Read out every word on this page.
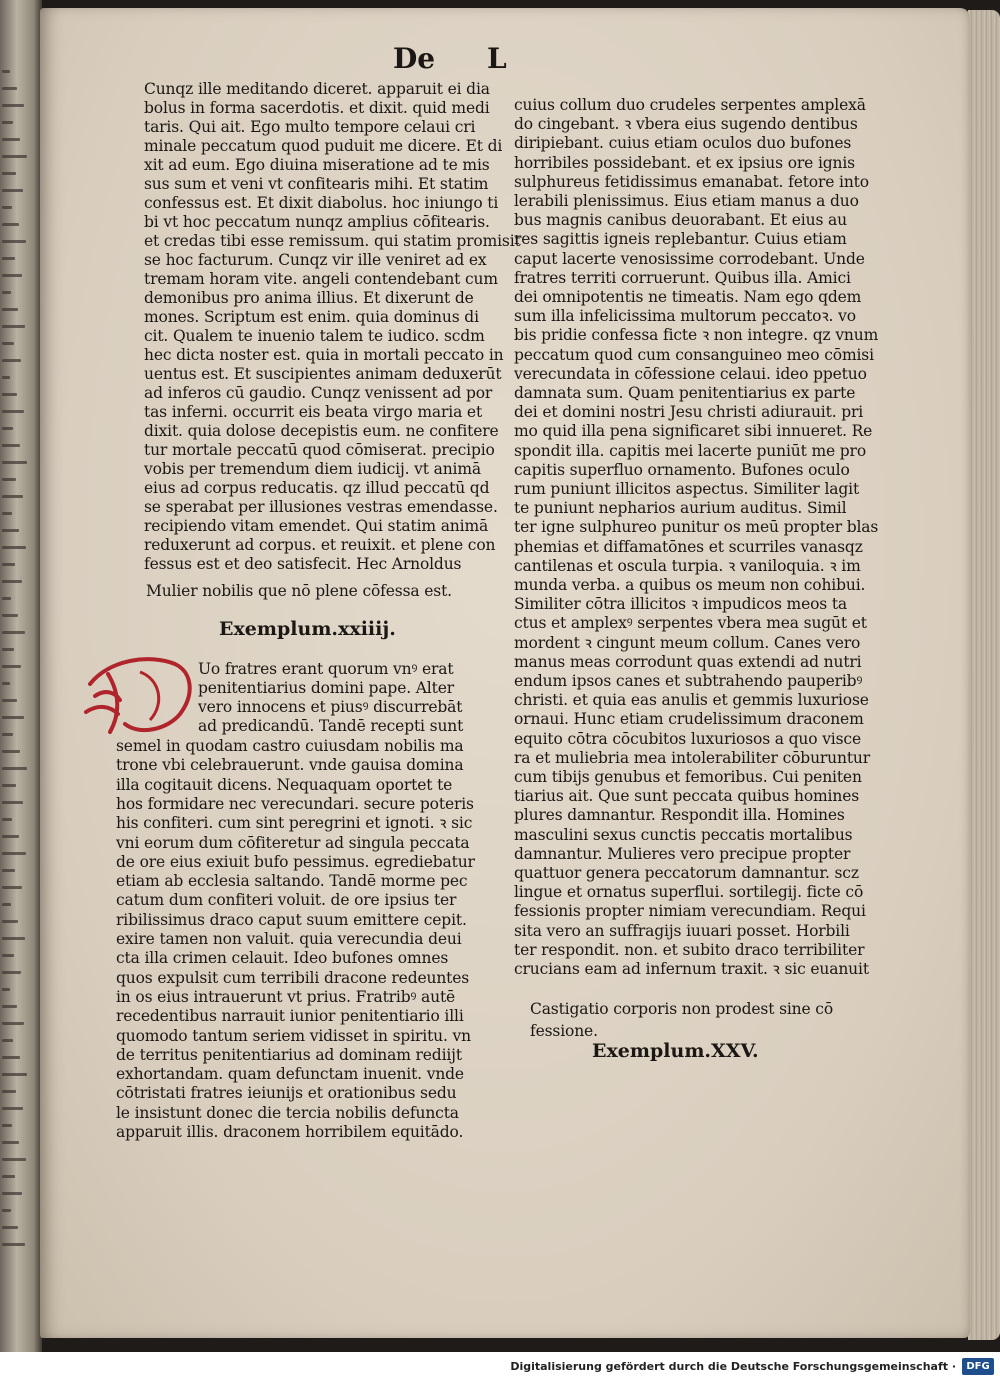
De L
Cunqz ille meditando diceret. apparuit ei dia
bolus in forma sacerdotis. et dixit. quid medi
taris. Qui ait. Ego multo tempore celaui cri
minale peccatum quod puduit me dicere. Et di
xit ad eum. Ego diuina miseratione ad te mis
sus sum et veni vt confitearis mihi. Et statim
confessus est. Et dixit diabolus. hoc iniungo ti
bi vt hoc peccatum nunqz amplius cōfitearis.
et credas tibi esse remissum. qui statim promisit
se hoc facturum. Cunqz vir ille veniret ad ex
tremam horam vite. angeli contendebant cum
demonibus pro anima illius. Et dixerunt de
mones. Scriptum est enim. quia dominus di
cit. Qualem te inuenio talem te iudico. scdm
hec dicta noster est. quia in mortali peccato in
uentus est. Et suscipientes animam deduxerūt
ad inferos cū gaudio. Cunqz venissent ad por
tas inferni. occurrit eis beata virgo maria et
dixit. quia dolose decepistis eum. ne confitere
tur mortale peccatū quod cōmiserat. precipio
vobis per tremendum diem iudicij. vt animā
eius ad corpus reducatis. qz illud peccatū qd
se sperabat per illusiones vestras emendasse.
recipiendo vitam emendet. Qui statim animā
reduxerunt ad corpus. et reuixit. et plene con
fessus est et deo satisfecit. Hec Arnoldus
Mulier nobilis que nō plene cōfessa est.
Exemplum.xxiiij.
Uo fratres erant quorum vnꝰ erat
penitentiarius domini pape. Alter
vero innocens et piusꝰ discurrebāt
ad predicandū. Tandē recepti sunt
semel in quodam castro cuiusdam nobilis ma
trone vbi celebrauerunt. vnde gauisa domina
illa cogitauit dicens. Nequaquam oportet te
hos formidare nec verecundari. secure poteris
his confiteri. cum sint peregrini et ignoti. ꝛ sic
vni eorum dum cōfiteretur ad singula peccata
de ore eius exiuit bufo pessimus. egrediebatur
etiam ab ecclesia saltando. Tandē morme pec
catum dum confiteri voluit. de ore ipsius ter
ribilissimus draco caput suum emittere cepit.
exire tamen non valuit. quia verecundia deui
cta illa crimen celauit. Ideo bufones omnes
quos expulsit cum terribili dracone redeuntes
in os eius intrauerunt vt prius. Fratribꝰ autē
recedentibus narrauit iunior penitentiario illi
quomodo tantum seriem vidisset in spiritu. vn
de territus penitentiarius ad dominam rediijt
exhortandam. quam defunctam inuenit. vnde
cōtristati fratres ieiunijs et orationibus sedu
le insistunt donec die tercia nobilis defuncta
apparuit illis. draconem horribilem equitādo.
cuius collum duo crudeles serpentes amplexā
do cingebant. ꝛ vbera eius sugendo dentibus
diripiebant. cuius etiam oculos duo bufones
horribiles possidebant. et ex ipsius ore ignis
sulphureus fetidissimus emanabat. fetore into
lerabili plenissimus. Eius etiam manus a duo
bus magnis canibus deuorabant. Et eius au
res sagittis igneis replebantur. Cuius etiam
caput lacerte venosissime corrodebant. Unde
fratres territi corruerunt. Quibus illa. Amici
dei omnipotentis ne timeatis. Nam ego qdem
sum illa infelicissima multorum peccatoꝛ. vo
bis pridie confessa ficte ꝛ non integre. qz vnum
peccatum quod cum consanguineo meo cōmisi
verecundata in cōfessione celaui. ideo ppetuo
damnata sum. Quam penitentiarius ex parte
dei et domini nostri Jesu christi adiurauit. pri
mo quid illa pena significaret sibi innueret. Re
spondit illa. capitis mei lacerte puniūt me pro
capitis superfluo ornamento. Bufones oculo
rum puniunt illicitos aspectus. Similiter lagit
te puniunt nepharios aurium auditus. Simil
ter igne sulphureo punitur os meū propter blas
phemias et diffamatōnes et scurriles vanasqz
cantilenas et oscula turpia. ꝛ vaniloquia. ꝛ im
munda verba. a quibus os meum non cohibui.
Similiter cōtra illicitos ꝛ impudicos meos ta
ctus et amplexꝰ serpentes vbera mea sugūt et
mordent ꝛ cingunt meum collum. Canes vero
manus meas corrodunt quas extendi ad nutri
endum ipsos canes et subtrahendo pauperibꝰ
christi. et quia eas anulis et gemmis luxuriose
ornaui. Hunc etiam crudelissimum draconem
equito cōtra cōcubitos luxuriosos a quo visce
ra et muliebria mea intolerabiliter cōburuntur
cum tibijs genubus et femoribus. Cui peniten
tiarius ait. Que sunt peccata quibus homines
plures damnantur. Respondit illa. Homines
masculini sexus cunctis peccatis mortalibus
damnantur. Mulieres vero precipue propter
quattuor genera peccatorum damnantur. scz
lingue et ornatus superflui. sortilegij. ficte cō
fessionis propter nimiam verecundiam. Requi
sita vero an suffragijs iuuari posset. Horbili
ter respondit. non. et subito draco terribiliter
crucians eam ad infernum traxit. ꝛ sic euanuit
Castigatio corporis non prodest sine cō
fessione.
Exemplum.XXV.
Digitalisierung gefördert durch die Deutsche Forschungsgemeinschaft ·	DFG
